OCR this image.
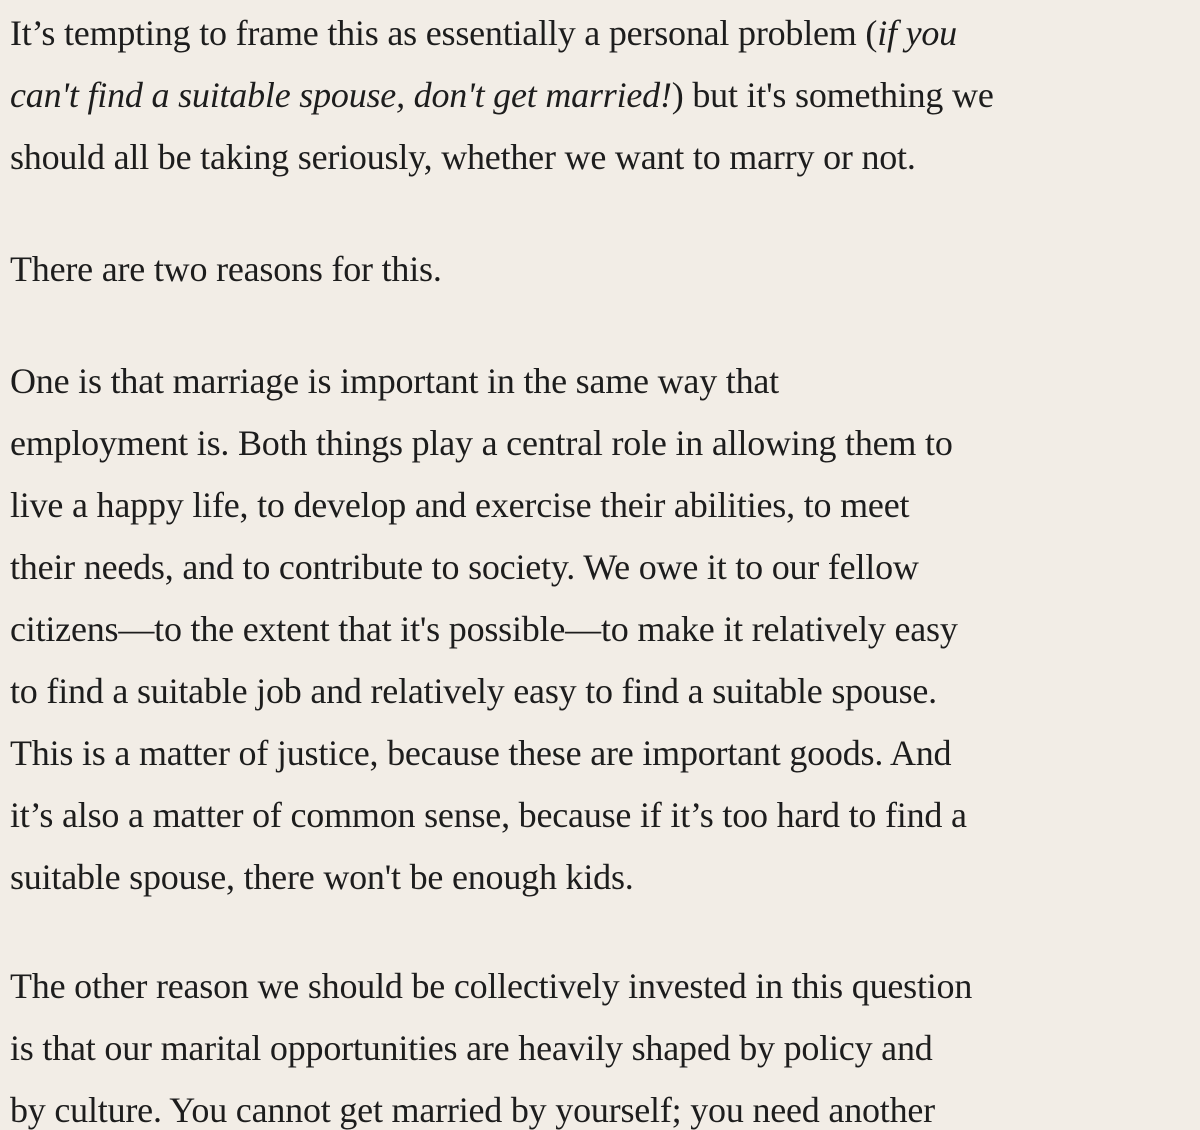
It’s tempting to frame this as essentially a personal problem (if you
can't find a suitable spouse, don't get married!) but it's something we
should all be taking seriously, whether we want to marry or not.

There are two reasons for this.

One is that marriage is important in the same way that
employment is. Both things play a central role in allowing them to
live a happy life, to develop and exercise their abilities, to meet
their needs, and to contribute to society. We owe it to our fellow
citizens—to the extent that it's possible—to make it relatively easy
to find a suitable job and relatively easy to find a suitable spouse.
This is a matter of justice, because these are important goods. And
it’s also a matter of common sense, because if it’s too hard to find a
suitable spouse, there won't be enough kids.

The other reason we should be collectively invested in this question
is that our marital opportunities are heavily shaped by policy and
by culture. You cannot get married by yourself; you need another
